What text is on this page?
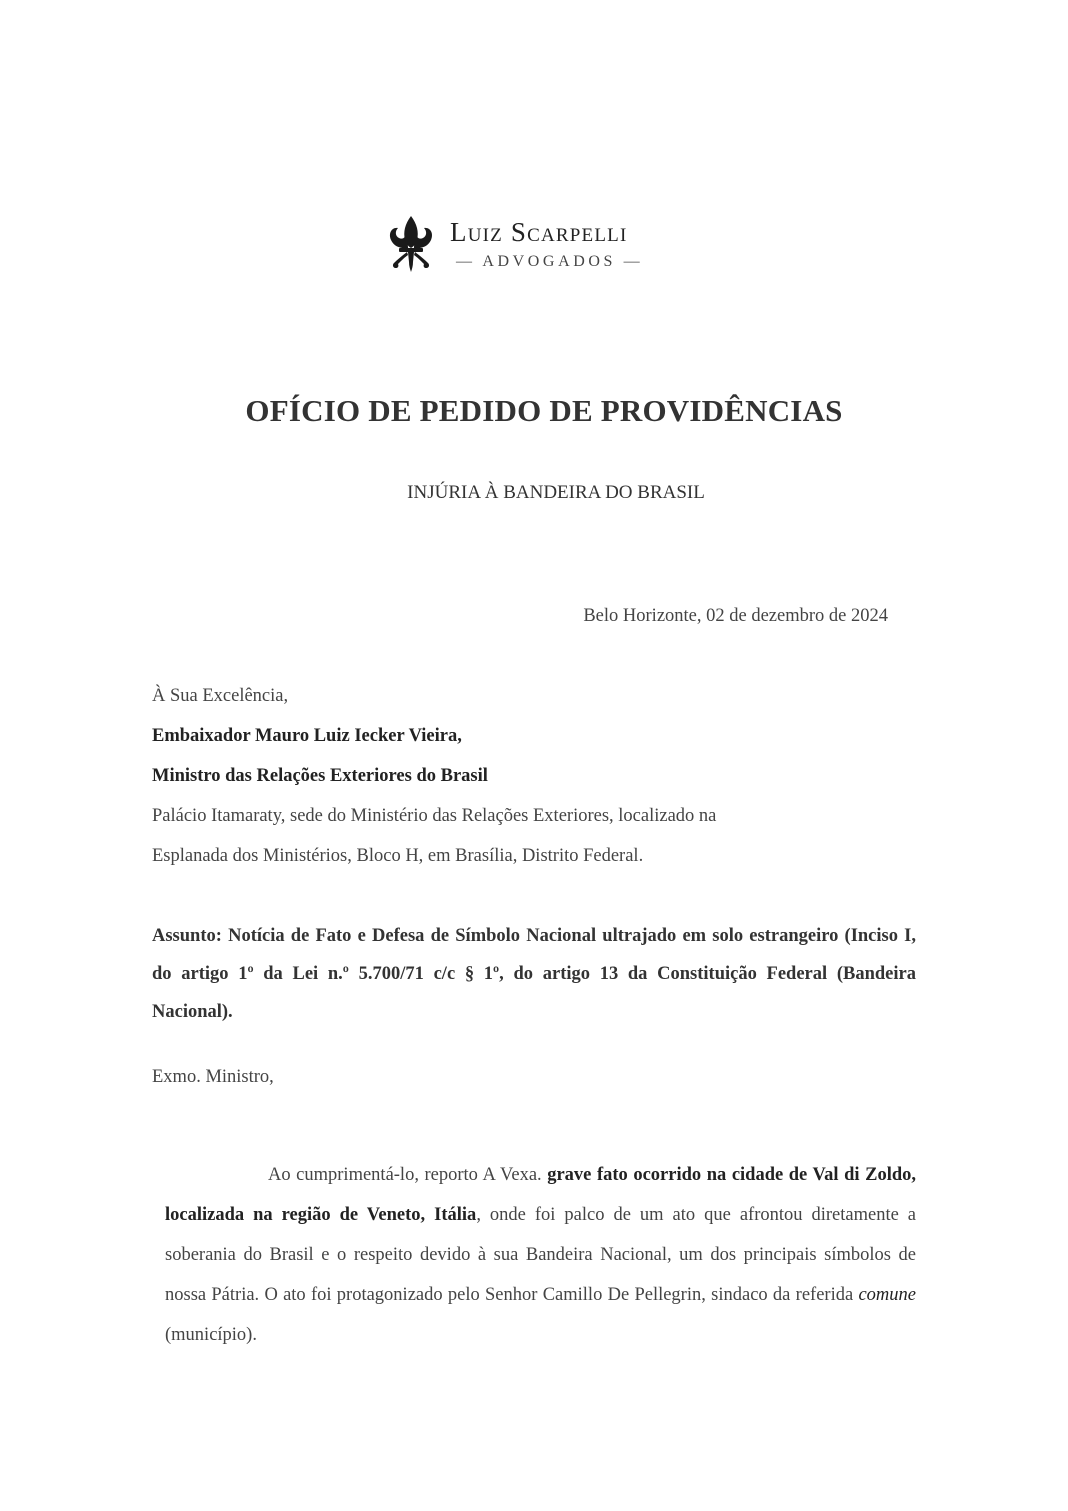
Luiz Scarpelli
— ADVOGADOS —
OFÍCIO DE PEDIDO DE PROVIDÊNCIAS
INJÚRIA À BANDEIRA DO BRASIL
Belo Horizonte, 02 de dezembro de 2024
À Sua Excelência,
Embaixador Mauro Luiz Iecker Vieira,
Ministro das Relações Exteriores do Brasil
Palácio Itamaraty, sede do Ministério das Relações Exteriores, localizado na
Esplanada dos Ministérios, Bloco H, em Brasília, Distrito Federal.
Assunto: Notícia de Fato e Defesa de Símbolo Nacional ultrajado em solo estrangeiro (Inciso I, do artigo 1º da Lei n.º 5.700/71 c/c § 1º, do artigo 13 da Constituição Federal (Bandeira Nacional).
Exmo. Ministro,
Ao cumprimentá-lo, reporto A Vexa. grave fato ocorrido na cidade de Val di Zoldo, localizada na região de Veneto, Itália, onde foi palco de um ato que afrontou diretamente a soberania do Brasil e o respeito devido à sua Bandeira Nacional, um dos principais símbolos de nossa Pátria. O ato foi protagonizado pelo Senhor Camillo De Pellegrin, sindaco da referida comune (município).
